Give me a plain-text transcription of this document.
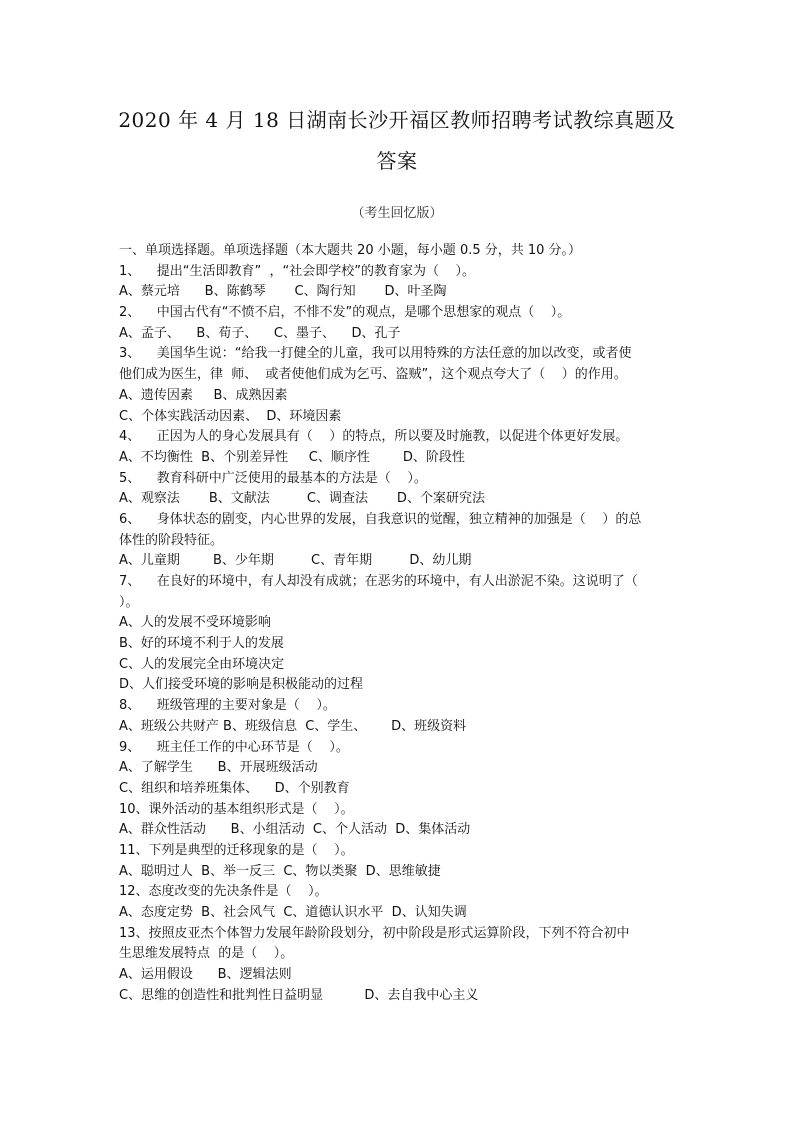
2020 年 4 月 18 日湖南长沙开福区教师招聘考试教综真题及
答案
（考生回忆版）
一、单项选择题。单项选择题（本大题共 20 小题，每小题 0.5 分，共 10 分。）
1、    提出“生活即教育”  ，“社会即学校”的教育家为（    ）。
A、蔡元培      B、陈鹤琴       C、陶行知       D、叶圣陶
2、    中国古代有“不愤不启，不悱不发”的观点，是哪个思想家的观点（    ）。
A、孟子、    B、荀子、    C、墨子、    D、孔子
3、    美国华生说：“给我一打健全的儿童，我可以用特殊的方法任意的加以改变，或者使
他们成为医生，律  师、  或者使他们成为乞丐、盗贼”，这个观点夸大了（    ）的作用。
A、遗传因素     B、成熟因素
C、个体实践活动因素、  D、环境因素
4、    正因为人的身心发展具有（    ）的特点，所以要及时施教，以促进个体更好发展。
A、不均衡性  B、个别差异性     C、顺序性        D、阶段性
5、    教育科研中广泛使用的最基本的方法是（    ）。
A、观察法       B、文献法         C、调查法       D、个案研究法
6、    身体状态的剧变，内心世界的发展，自我意识的觉醒，独立精神的加强是（    ）的总
体性的阶段特征。
A、儿童期        B、少年期         C、青年期         D、幼儿期
7、    在良好的环境中，有人却没有成就；在恶劣的环境中，有人出淤泥不染。这说明了（
）。
A、人的发展不受环境影响
B、好的环境不利于人的发展
C、人的发展完全由环境决定
D、人们接受环境的影响是积极能动的过程
8、    班级管理的主要对象是（    ）。
A、班级公共财产 B、班级信息  C、学生、      D、班级资料
9、    班主任工作的中心环节是（    ）。
A、了解学生      B、开展班级活动
C、组织和培养班集体、    D、个别教育
10、课外活动的基本组织形式是（    ）。
A、群众性活动      B、小组活动  C、个人活动  D、集体活动
11、下列是典型的迁移现象的是（    ）。
A、聪明过人  B、举一反三  C、物以类聚  D、思维敏捷
12、态度改变的先决条件是（    ）。
A、态度定势  B、社会风气  C、道德认识水平  D、认知失调
13、按照皮亚杰个体智力发展年龄阶段划分，初中阶段是形式运算阶段，下列不符合初中
生思维发展特点  的是（    ）。
A、运用假设      B、逻辑法则
C、思维的创造性和批判性日益明显          D、去自我中心主义
